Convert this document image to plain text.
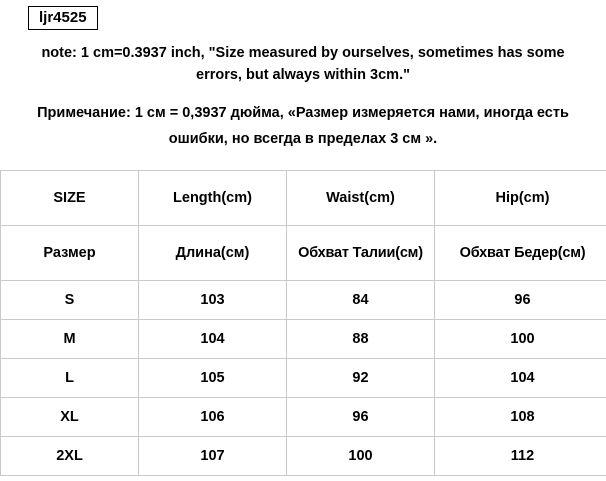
ljr4525
note: 1 cm=0.3937 inch, "Size measured by ourselves, sometimes has some errors, but always within 3cm."
Примечание: 1 см = 0,3937 дюйма, «Размер измеряется нами, иногда есть ошибки, но всегда в пределах 3 см ».
SIZE	Length(cm)	Waist(cm)	Hip(cm)
Размер	Длина(см)	Обхват Талии(см)	Обхват Бедер(см)
S	103	84	96
M	104	88	100
L	105	92	104
XL	106	96	108
2XL	107	100	112
